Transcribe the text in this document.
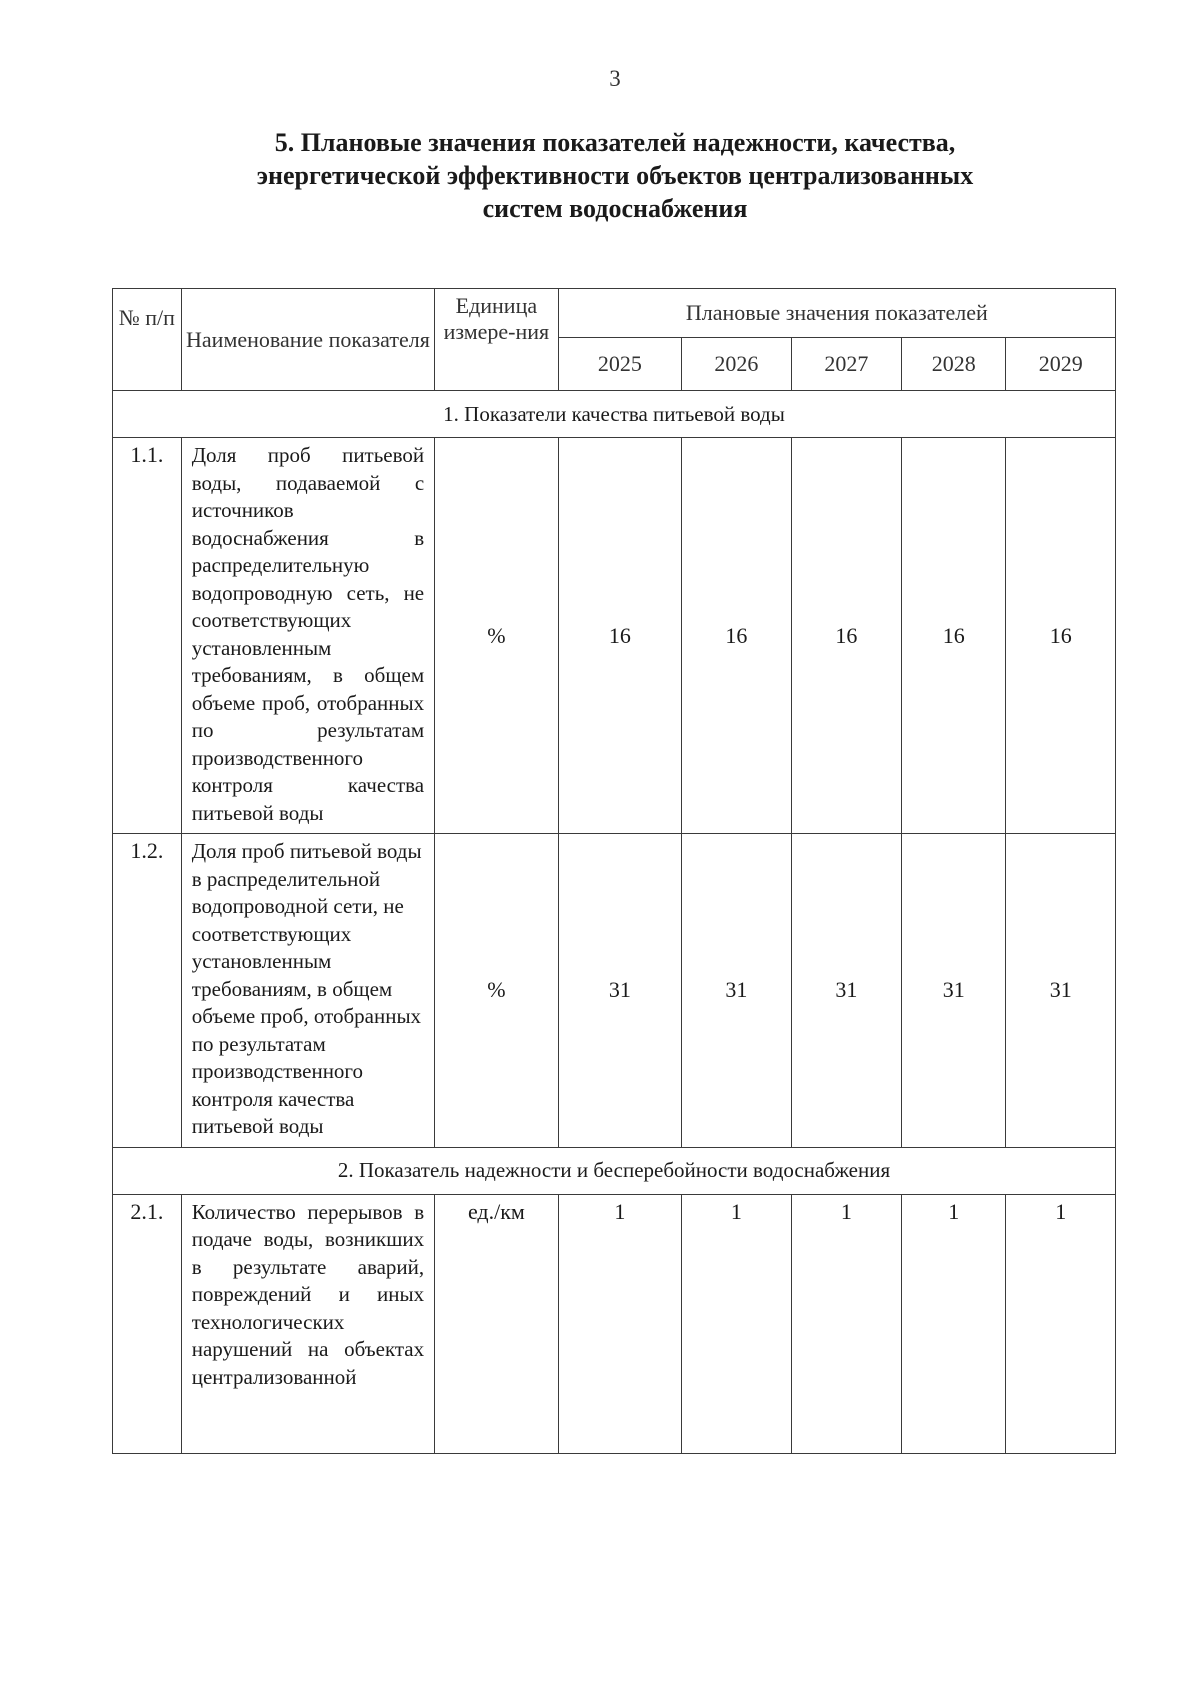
3
5. Плановые значения показателей надежности, качества,
энергетической эффективности объектов централизованных
систем водоснабжения
№ п/п	Наименование показателя	Единица измере-ния	Плановые значения показателей				
			2025	2026	2027	2028	2029
1. Показатели качества питьевой воды							
1.1.	Доля проб питьевой воды, подаваемой с источников водоснабжения в распределительную водопроводную сеть, не соответствующих установленным требованиям, в общем объеме проб, отобранных по результатам производственного контроля качества питьевой воды	%	16	16	16	16	16
1.2.	Доля проб питьевой воды в распределительной водопроводной сети, не соответствующих установленным требованиям, в общем объеме проб, отобранных по результатам производственного контроля качества питьевой воды	%	31	31	31	31	31
2. Показатель надежности и бесперебойности водоснабжения							
2.1.	Количество перерывов в подаче воды, возникших в результате аварий, повреждений и иных технологических нарушений на объектах централизованной	ед./км	1	1	1	1	1
